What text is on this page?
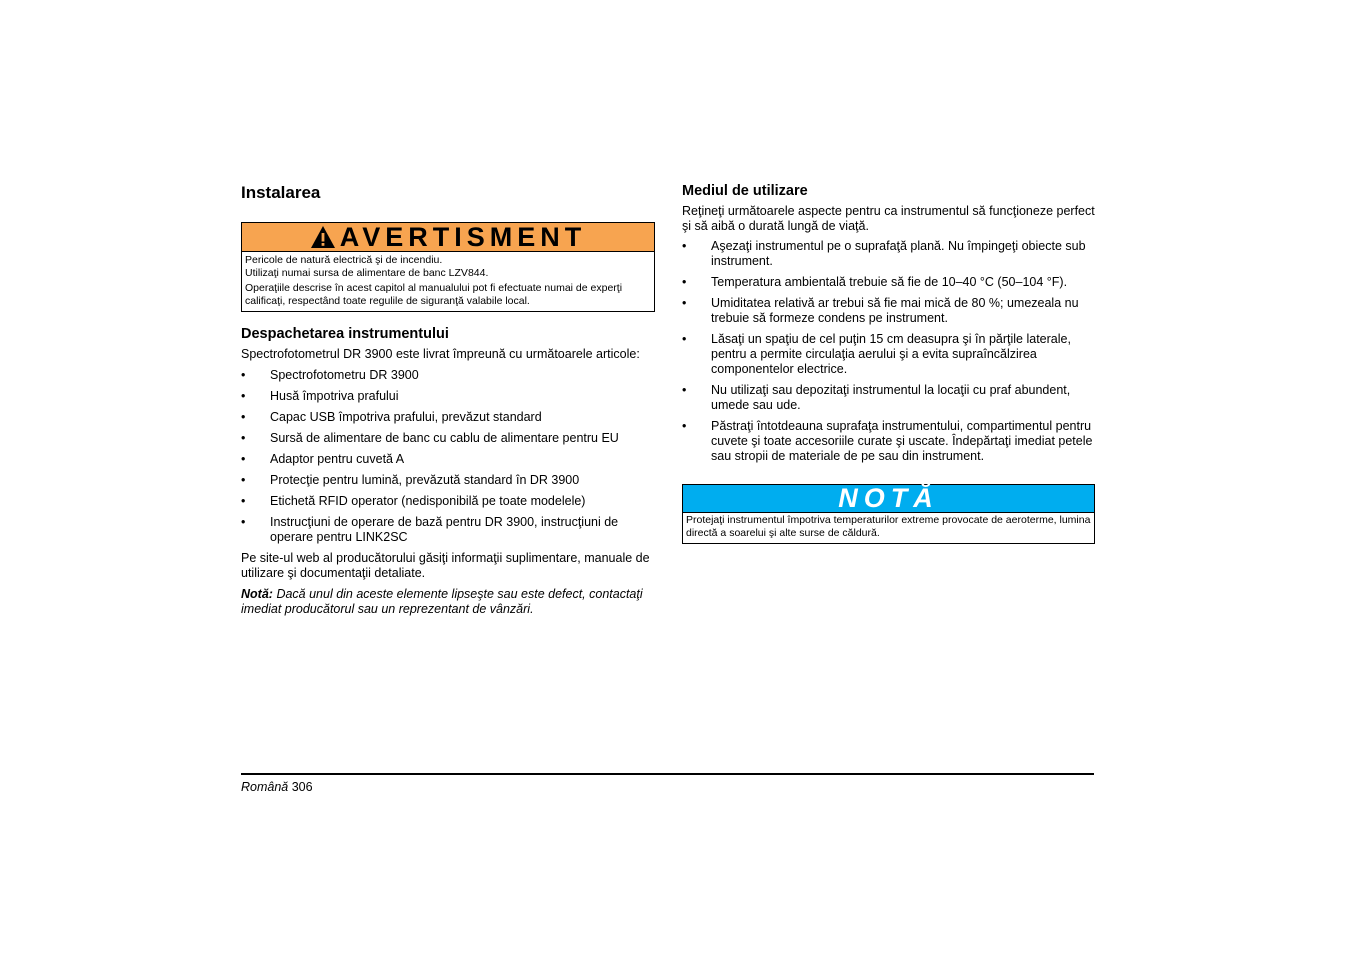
Instalarea
AVERTISMENT

Pericole de natură electrică şi de incendiu.
Utilizaţi numai sursa de alimentare de banc LZV844.

Operaţiile descrise în acest capitol al manualului pot fi efectuate numai de experţi calificaţi, respectând toate regulile de siguranţă valabile local.

Despachetarea instrumentului

Spectrofotometrul DR 3900 este livrat împreună cu următoarele articole:

• Spectrofotometru DR 3900
• Husă împotriva prafului
• Capac USB împotriva prafului, prevăzut standard
• Sursă de alimentare de banc cu cablu de alimentare pentru EU
• Adaptor pentru cuvetă A
• Protecţie pentru lumină, prevăzută standard în DR 3900
• Etichetă RFID operator (nedisponibilă pe toate modelele)
• Instrucţiuni de operare de bază pentru DR 3900, instrucţiuni de operare pentru LINK2SC

Pe site-ul web al producătorului găsiţi informaţii suplimentare, manuale de utilizare şi documentaţii detaliate.

Notă: Dacă unul din aceste elemente lipseşte sau este defect, contactaţi imediat producătorul sau un reprezentant de vânzări.

Mediul de utilizare

Reţineţi următoarele aspecte pentru ca instrumentul să funcţioneze perfect şi să aibă o durată lungă de viaţă.

• Aşezaţi instrumentul pe o suprafaţă plană. Nu împingeţi obiecte sub instrument.
• Temperatura ambientală trebuie să fie de 10–40 °C (50–104 °F).
• Umiditatea relativă ar trebui să fie mai mică de 80 %; umezeala nu trebuie să formeze condens pe instrument.
• Lăsaţi un spaţiu de cel puţin 15 cm deasupra şi în părţile laterale, pentru a permite circulaţia aerului şi a evita supraîncălzirea componentelor electrice.
• Nu utilizaţi sau depozitaţi instrumentul la locaţii cu praf abundent, umede sau ude.
• Păstraţi întotdeauna suprafaţa instrumentului, compartimentul pentru cuvete şi toate accesoriile curate şi uscate. Îndepărtaţi imediat petele sau stropii de materiale de pe sau din instrument.
NOTĂ
Protejaţi instrumentul împotriva temperaturilor extreme provocate de aeroterme, lumina directă a soarelui şi alte surse de căldură.
Română 306
